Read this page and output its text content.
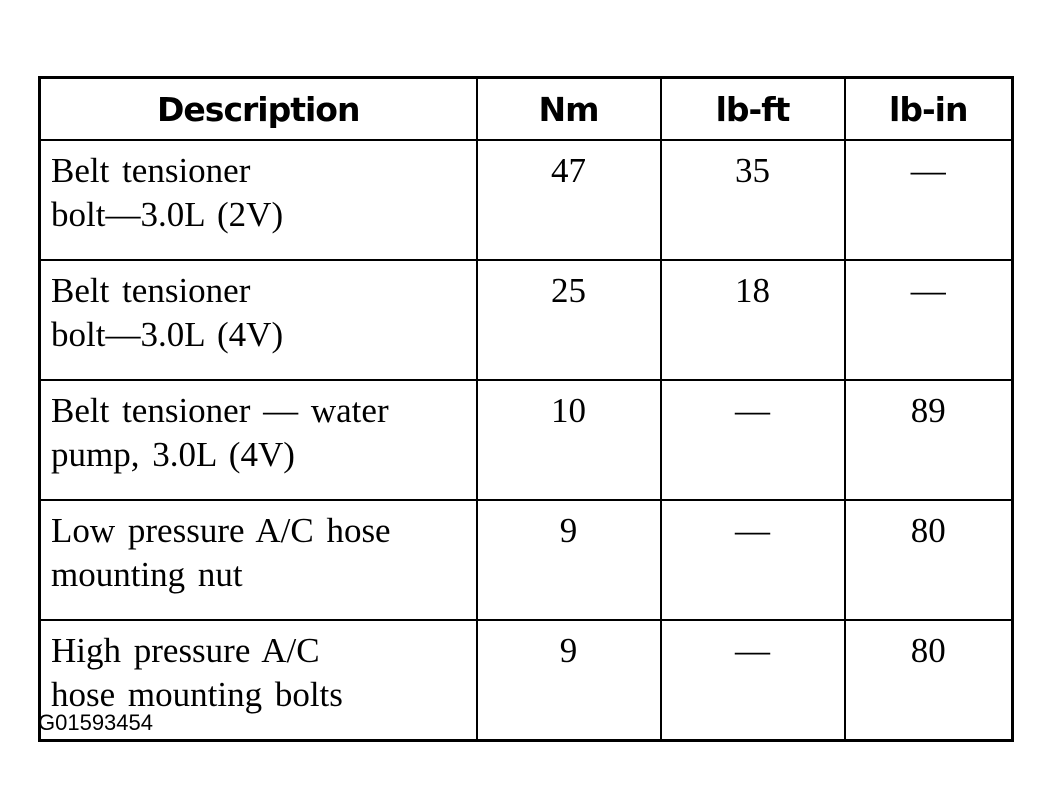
Description	Nm	lb-ft	lb-in

Belt tensioner
bolt—3.0L (2V)	47	35	—

Belt tensioner
bolt—3.0L (4V)	25	18	—

Belt tensioner — water
pump, 3.0L (4V)	10	—	89

Low pressure A/C hose
mounting nut	9	—	80

High pressure A/C
hose mounting bolts	9	—	80
G01593454
